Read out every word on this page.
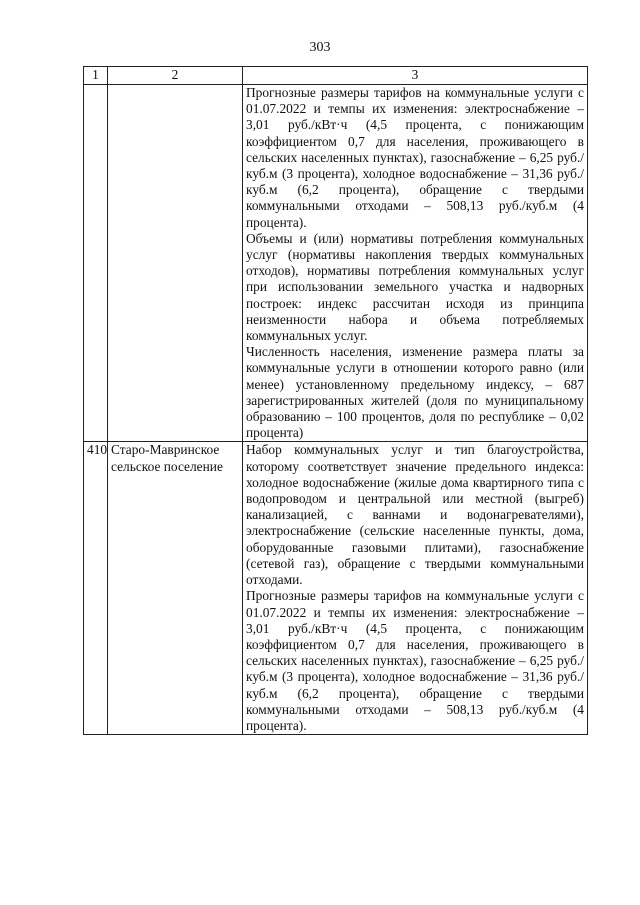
303
1	2	3

		Прогнозные размеры тарифов на коммунальные услуги с 01.07.2022 и темпы их изменения: электроснабжение – 3,01 руб./кВт·ч (4,5 процента, с понижающим коэффициентом 0,7 для населения, проживающего в сельских населенных пунктах), газоснабжение – 6,25 руб./куб.м (3 процента), холодное водоснабжение – 31,36 руб./куб.м (6,2 процента), обращение с твердыми коммунальными отходами – 508,13 руб./куб.м (4 процента).

Объемы и (или) нормативы потребления коммунальных услуг (нормативы накопления твердых коммунальных отходов), нормативы потребления коммунальных услуг при использовании земельного участка и надворных построек: индекс рассчитан исходя из принципа неизменности набора и объема потребляемых коммунальных услуг.

Численность населения, изменение размера платы за коммунальные услуги в отношении которого равно (или менее) установленному предельному индексу, – 687 зарегистрированных жителей (доля по муниципальному образованию – 100 процентов, доля по республике – 0,02 процента)

410	Старо-Мавринское сельское поселение	Набор коммунальных услуг и тип благоустройства, которому соответствует значение предельного индекса: холодное водоснабжение (жилые дома квартирного типа с водопроводом и центральной или местной (выгреб) канализацией, с ваннами и водонагревателями), электроснабжение (сельские населенные пункты, дома, оборудованные газовыми плитами), газоснабжение (сетевой газ), обращение с твердыми коммунальными отходами.

Прогнозные размеры тарифов на коммунальные услуги с 01.07.2022 и темпы их изменения: электроснабжение – 3,01 руб./кВт·ч (4,5 процента, с понижающим коэффициентом 0,7 для населения, проживающего в сельских населенных пунктах), газоснабжение – 6,25 руб./куб.м (3 процента), холодное водоснабжение – 31,36 руб./куб.м (6,2 процента), обращение с твердыми коммунальными отходами – 508,13 руб./куб.м (4 процента).
